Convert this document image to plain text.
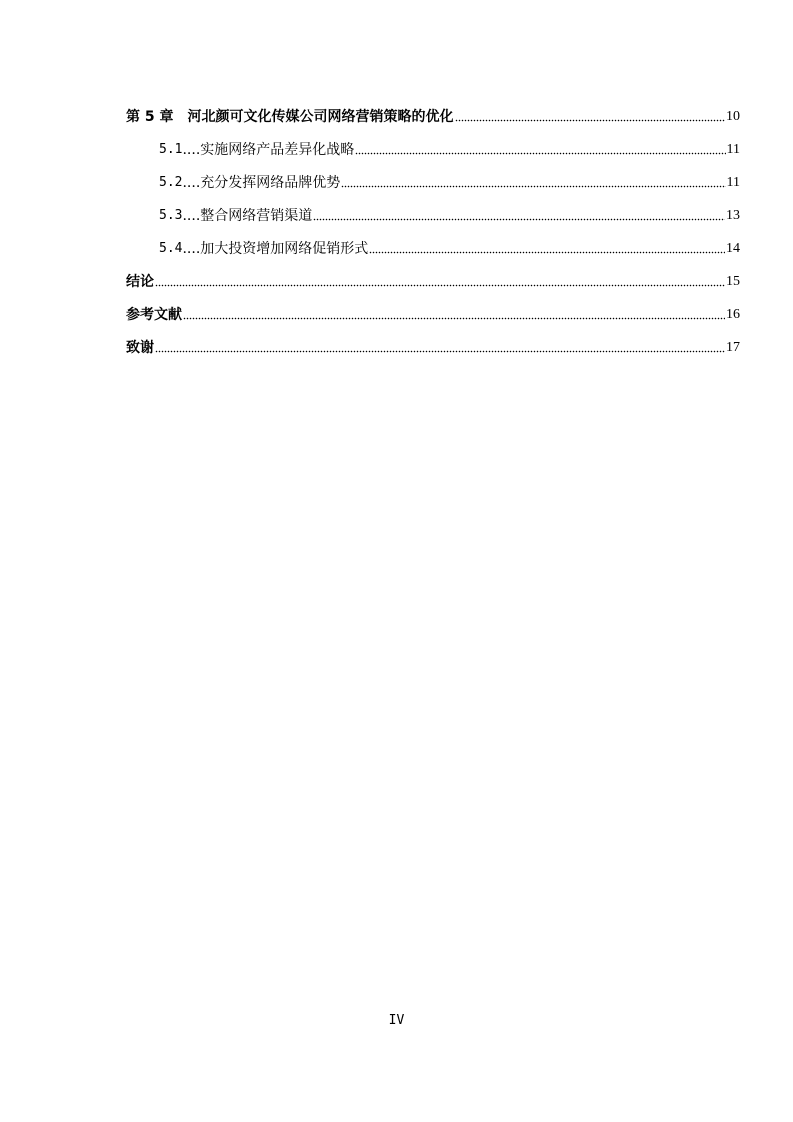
第 5 章 河北颜可文化传媒公司网络营销策略的优化	10
5.1 ....实施网络产品差异化战略	11
5.2 ....充分发挥网络品牌优势	11
5.3 ....整合网络营销渠道	13
5.4 ....加大投资增加网络促销形式	14
结论	15
参考文献	16
致谢	17
IV
